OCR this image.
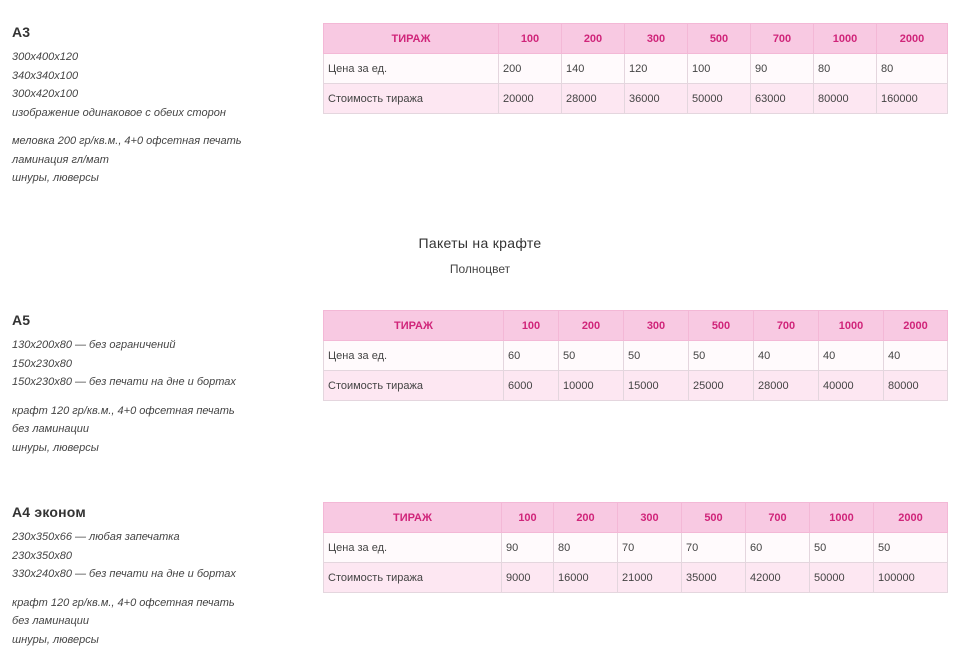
А3
300х400х120
340х340х100
300х420х100
изображение одинаковое с обеих сторон
меловка 200 гр/кв.м., 4+0 офсетная печать
ламинация гл/мат
шнуры, люверсы
ТИРАЖ	100	200	300	500	700	1000	2000
Цена за ед.	200	140	120	100	90	80	80
Стоимость тиража	20000	28000	36000	50000	63000	80000	160000
Пакеты на крафте
Полноцвет
А5
130х200х80 — без ограничений
150х230х80
150х230х80 — без печати на дне и бортах
крафт 120 гр/кв.м., 4+0 офсетная печать
без ламинации
шнуры, люверсы
ТИРАЖ	100	200	300	500	700	1000	2000
Цена за ед.	60	50	50	50	40	40	40
Стоимость тиража	6000	10000	15000	25000	28000	40000	80000
А4 эконом
230х350х66 — любая запечатка
230х350х80
330х240х80 — без печати на дне и бортах
крафт 120 гр/кв.м., 4+0 офсетная печать
без ламинации
шнуры, люверсы
ТИРАЖ	100	200	300	500	700	1000	2000
Цена за ед.	90	80	70	70	60	50	50
Стоимость тиража	9000	16000	21000	35000	42000	50000	100000
